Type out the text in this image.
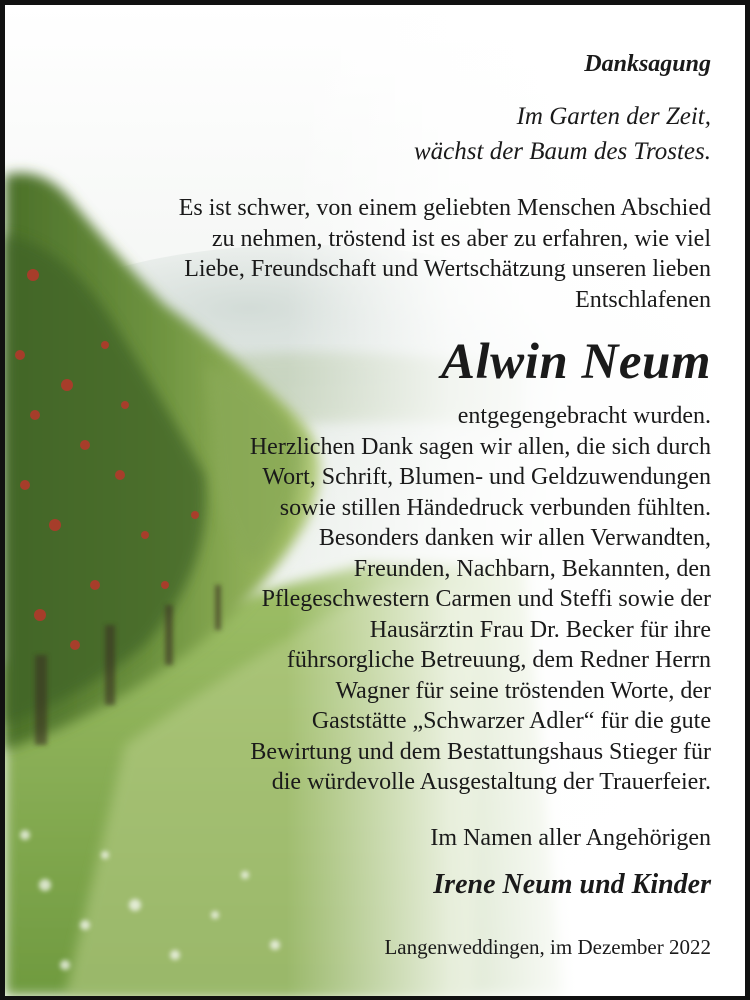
Danksagung
Im Garten der Zeit,
wächst der Baum des Trostes.
Es ist schwer, von einem geliebten Menschen Abschied
zu nehmen, tröstend ist es aber zu erfahren, wie viel
Liebe, Freundschaft und Wertschätzung unseren lieben
Entschlafenen
Alwin Neum
entgegengebracht wurden.
Herzlichen Dank sagen wir allen, die sich durch
Wort, Schrift, Blumen- und Geldzuwendungen
sowie stillen Händedruck verbunden fühlten.
Besonders danken wir allen Verwandten,
Freunden, Nachbarn, Bekannten, den
Pflegeschwestern Carmen und Steffi sowie der
Hausärztin Frau Dr. Becker für ihre
führsorgliche Betreuung, dem Redner Herrn
Wagner für seine tröstenden Worte, der
Gaststätte „Schwarzer Adler“ für die gute
Bewirtung und dem Bestattungshaus Stieger für
die würdevolle Ausgestaltung der Trauerfeier.
Im Namen aller Angehörigen
Irene Neum und Kinder
Langenweddingen, im Dezember 2022
